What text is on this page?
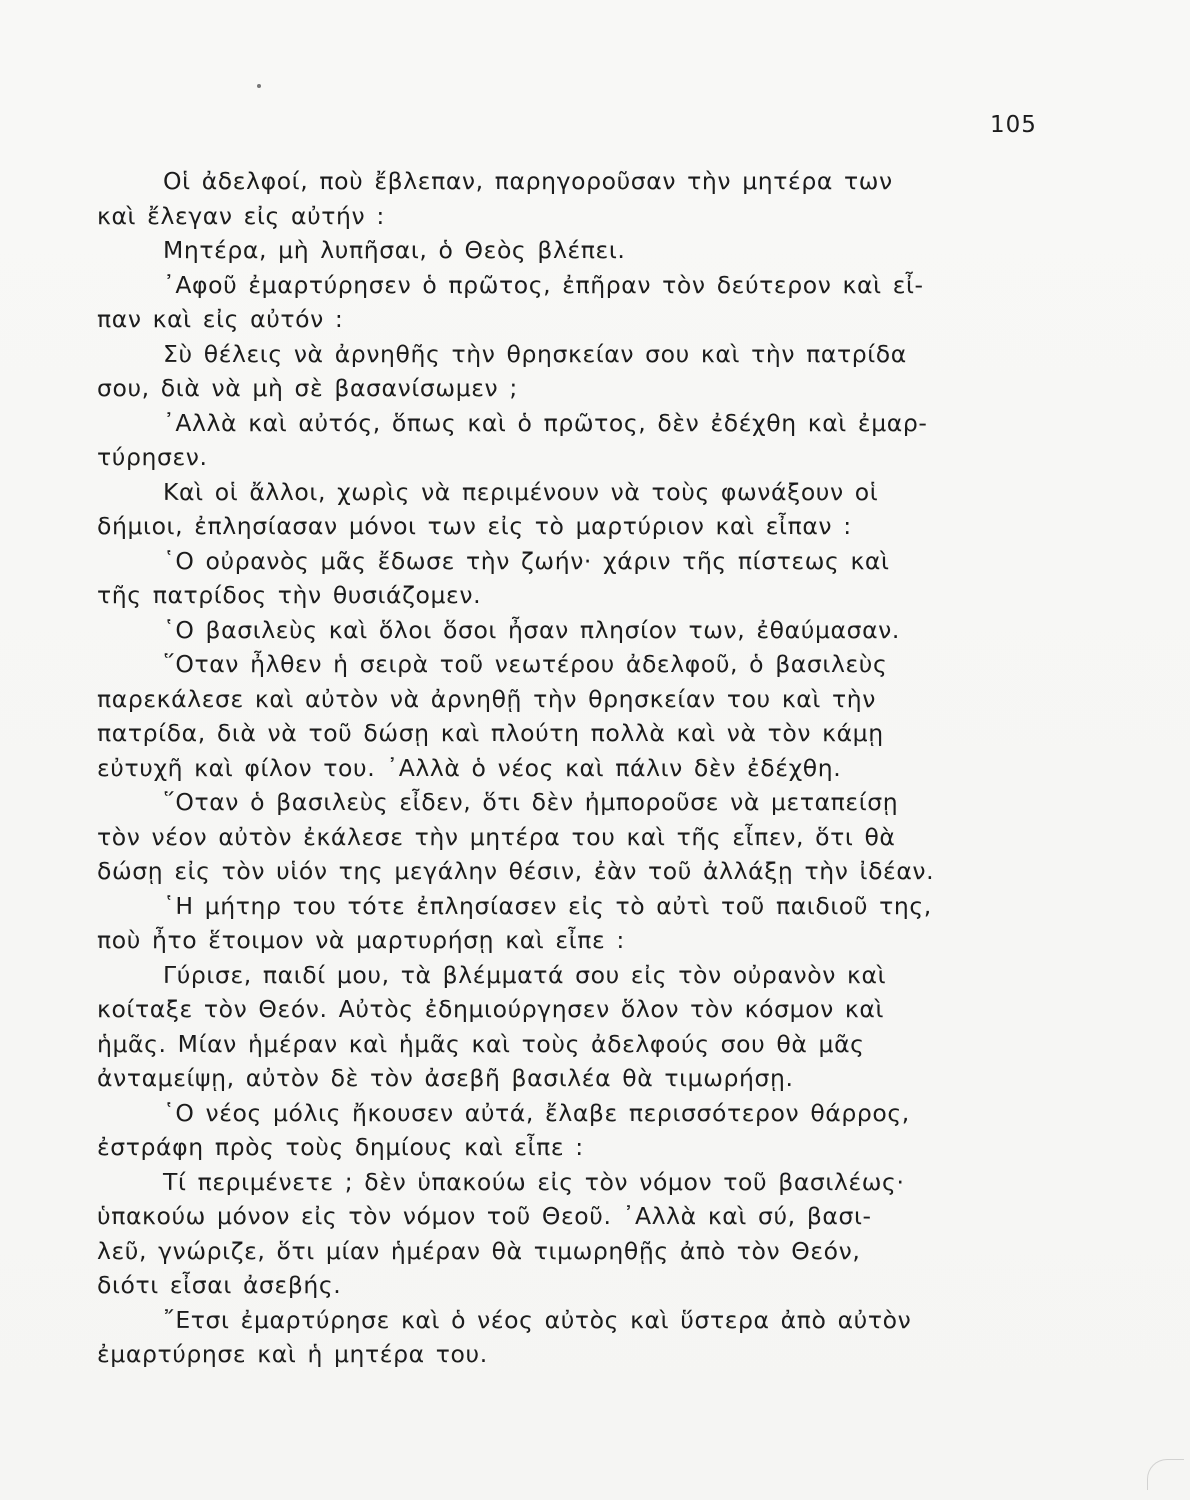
105
Οἱ ἀδελφοί, ποὺ ἔβλεπαν, παρηγοροῦσαν τὴν μητέρα των
καὶ ἔλεγαν εἰς αὐτήν :
Μητέρα, μὴ λυπῆσαι, ὁ Θεὸς βλέπει.
᾿Αφοῦ ἐμαρτύρησεν ὁ πρῶτος, ἐπῆραν τὸν δεύτερον καὶ εἶ-
παν καὶ εἰς αὐτόν :
Σὺ θέλεις νὰ ἀρνηθῆς τὴν θρησκείαν σου καὶ τὴν πατρίδα
σου, διὰ νὰ μὴ σὲ βασανίσωμεν ;
᾿Αλλὰ καὶ αὐτός, ὅπως καὶ ὁ πρῶτος, δὲν ἐδέχθη καὶ ἐμαρ-
τύρησεν.
Καὶ οἱ ἄλλοι, χωρὶς νὰ περιμένουν νὰ τοὺς φωνάξουν οἱ
δήμιοι, ἐπλησίασαν μόνοι των εἰς τὸ μαρτύριον καὶ εἶπαν :
῾Ο οὐρανὸς μᾶς ἔδωσε τὴν ζωήν· χάριν τῆς πίστεως καὶ
τῆς πατρίδος τὴν θυσιάζομεν.
῾Ο βασιλεὺς καὶ ὅλοι ὅσοι ἦσαν πλησίον των, ἐθαύμασαν.
῞Οταν ἦλθεν ἡ σειρὰ τοῦ νεωτέρου ἀδελφοῦ, ὁ βασιλεὺς
παρεκάλεσε καὶ αὐτὸν νὰ ἀρνηθῇ τὴν θρησκείαν του καὶ τὴν
πατρίδα, διὰ νὰ τοῦ δώσῃ καὶ πλούτη πολλὰ καὶ νὰ τὸν κάμῃ
εὐτυχῆ καὶ φίλον του. ᾿Αλλὰ ὁ νέος καὶ πάλιν δὲν ἐδέχθη.
῞Οταν ὁ βασιλεὺς εἶδεν, ὅτι δὲν ἠμποροῦσε νὰ μεταπείσῃ
τὸν νέον αὐτὸν ἐκάλεσε τὴν μητέρα του καὶ τῆς εἶπεν, ὅτι θὰ
δώσῃ εἰς τὸν υἱόν της μεγάλην θέσιν, ἐὰν τοῦ ἀλλάξῃ τὴν ἰδέαν.
῾Η μήτηρ του τότε ἐπλησίασεν εἰς τὸ αὐτὶ τοῦ παιδιοῦ της,
ποὺ ἦτο ἕτοιμον νὰ μαρτυρήσῃ καὶ εἶπε :
Γύρισε, παιδί μου, τὰ βλέμματά σου εἰς τὸν οὐρανὸν καὶ
κοίταξε τὸν Θεόν. Αὐτὸς ἐδημιούργησεν ὅλον τὸν κόσμον καὶ
ἡμᾶς. Μίαν ἡμέραν καὶ ἡμᾶς καὶ τοὺς ἀδελφούς σου θὰ μᾶς
ἀνταμείψῃ, αὐτὸν δὲ τὸν ἀσεβῆ βασιλέα θὰ τιμωρήσῃ.
῾Ο νέος μόλις ἤκουσεν αὐτά, ἔλαβε περισσότερον θάρρος,
ἐστράφη πρὸς τοὺς δημίους καὶ εἶπε :
Τί περιμένετε ; δὲν ὑπακούω εἰς τὸν νόμον τοῦ βασιλέως·
ὑπακούω μόνον εἰς τὸν νόμον τοῦ Θεοῦ. ᾿Αλλὰ καὶ σύ, βασι-
λεῦ, γνώριζε, ὅτι μίαν ἡμέραν θὰ τιμωρηθῇς ἀπὸ τὸν Θεόν,
διότι εἶσαι ἀσεβής.
῎Ετσι ἐμαρτύρησε καὶ ὁ νέος αὐτὸς καὶ ὕστερα ἀπὸ αὐτὸν
ἐμαρτύρησε καὶ ἡ μητέρα του.
